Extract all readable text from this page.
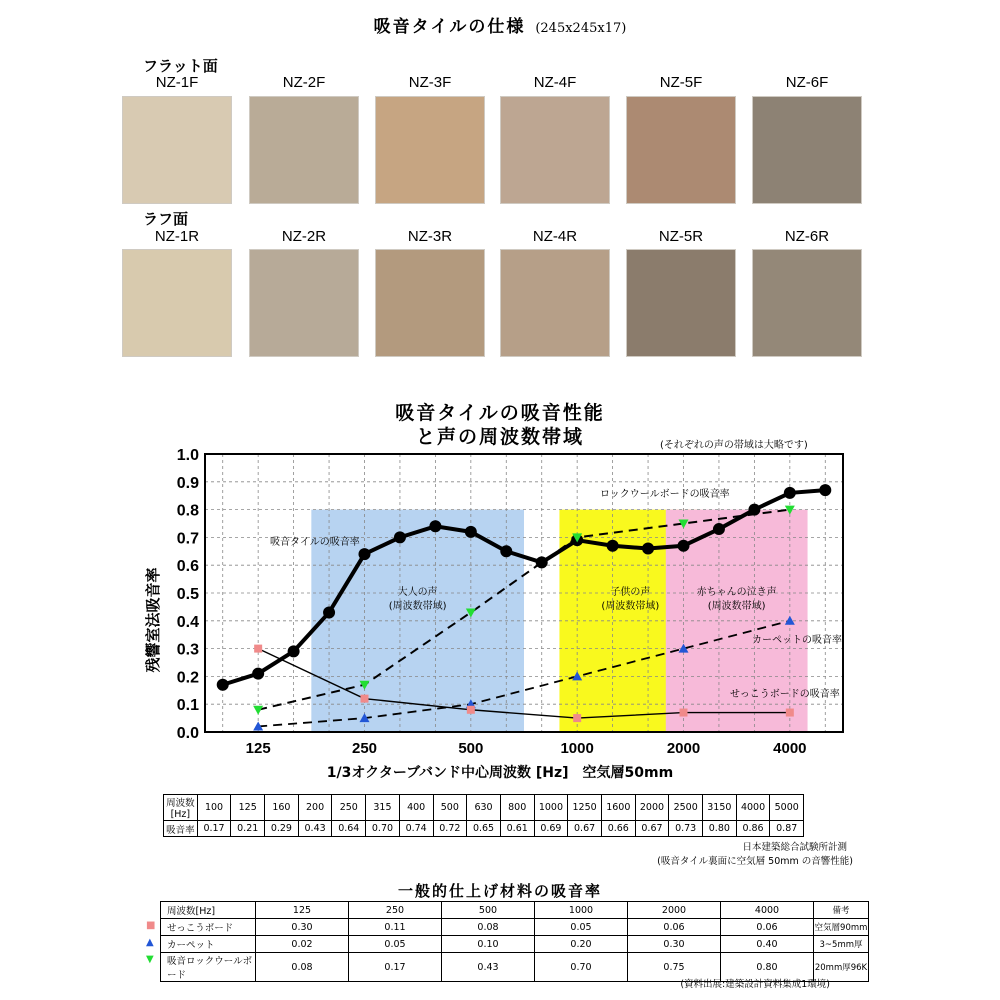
吸音タイルの仕様 (245x245x17)
フラット面
NZ-1F	NZ-2F	NZ-3F	NZ-4F	NZ-5F	NZ-6F
ラフ面
NZ-1R	NZ-2R	NZ-3R	NZ-4R	NZ-5R	NZ-6R
吸音タイルの吸音性能
と声の周波数帯域	(それぞれの声の帯域は大略です)
残響室法吸音率
1/3オクターブバンド中心周波数 [Hz]　空気層50mm
大人の声
(周波数帯域)
子供の声
(周波数帯域)
赤ちゃんの泣き声
(周波数帯域)
0.0
0.1
0.2
0.3
0.4
0.5
0.6
0.7
0.8
0.9
1.0
125	250	500	1000	2000	4000
吸音タイルの吸音率
ロックウールボードの吸音率
カーペットの吸音率
せっこうボードの吸音率
周波数[Hz]	100	125	160	200	250	315	400	500	630	800	1000	1250	1600	2000	2500	3150	4000	5000
吸音率	0.17	0.21	0.29	0.43	0.64	0.70	0.74	0.72	0.65	0.61	0.69	0.67	0.66	0.67	0.73	0.80	0.86	0.87
日本建築総合試験所計測
(吸音タイル裏面に空気層 50mm の音響性能)
一般的仕上げ材料の吸音率
■
▲
▼
周波数[Hz]	125	250	500	1000	2000	4000	備考
せっこうボード	0.30	0.11	0.08	0.05	0.06	0.06	空気層90mm
カーペット	0.02	0.05	0.10	0.20	0.30	0.40	3~5mm厚
吸音ロックウールボード	0.08	0.17	0.43	0.70	0.75	0.80	20mm厚96K
(資料出展:建築設計資料集成1環境)
